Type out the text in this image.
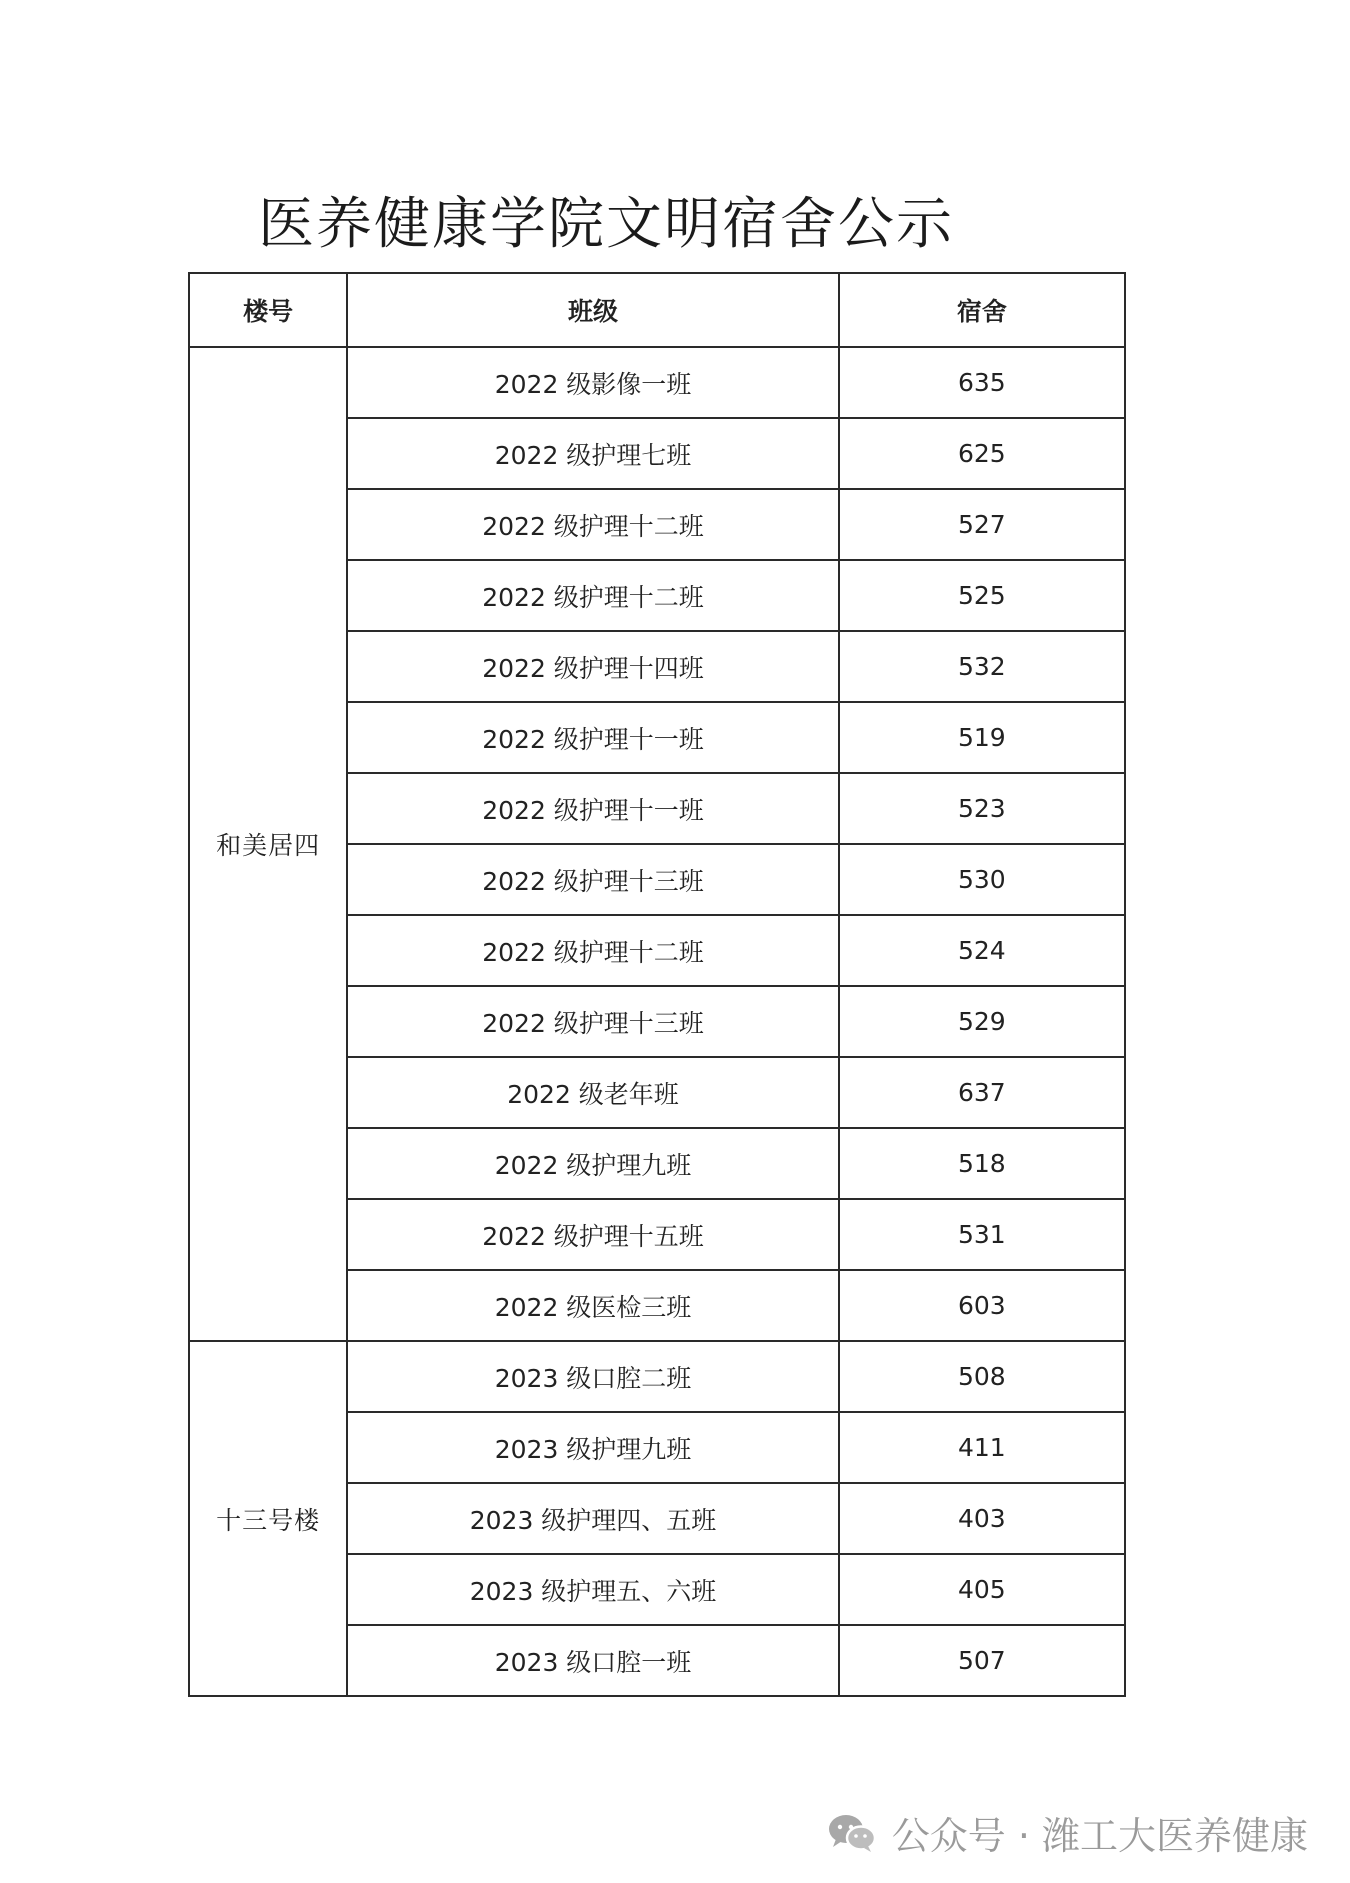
医养健康学院文明宿舍公示
楼号	班级	宿舍
和美居四	2022 级影像一班	635
	2022 级护理七班	625
	2022 级护理十二班	527
	2022 级护理十二班	525
	2022 级护理十四班	532
	2022 级护理十一班	519
	2022 级护理十一班	523
	2022 级护理十三班	530
	2022 级护理十二班	524
	2022 级护理十三班	529
	2022 级老年班	637
	2022 级护理九班	518
	2022 级护理十五班	531
	2022 级医检三班	603
十三号楼	2023 级口腔二班	508
	2023 级护理九班	411
	2023 级护理四、五班	403
	2023 级护理五、六班	405
	2023 级口腔一班	507
公众号 · 潍工大医养健康
